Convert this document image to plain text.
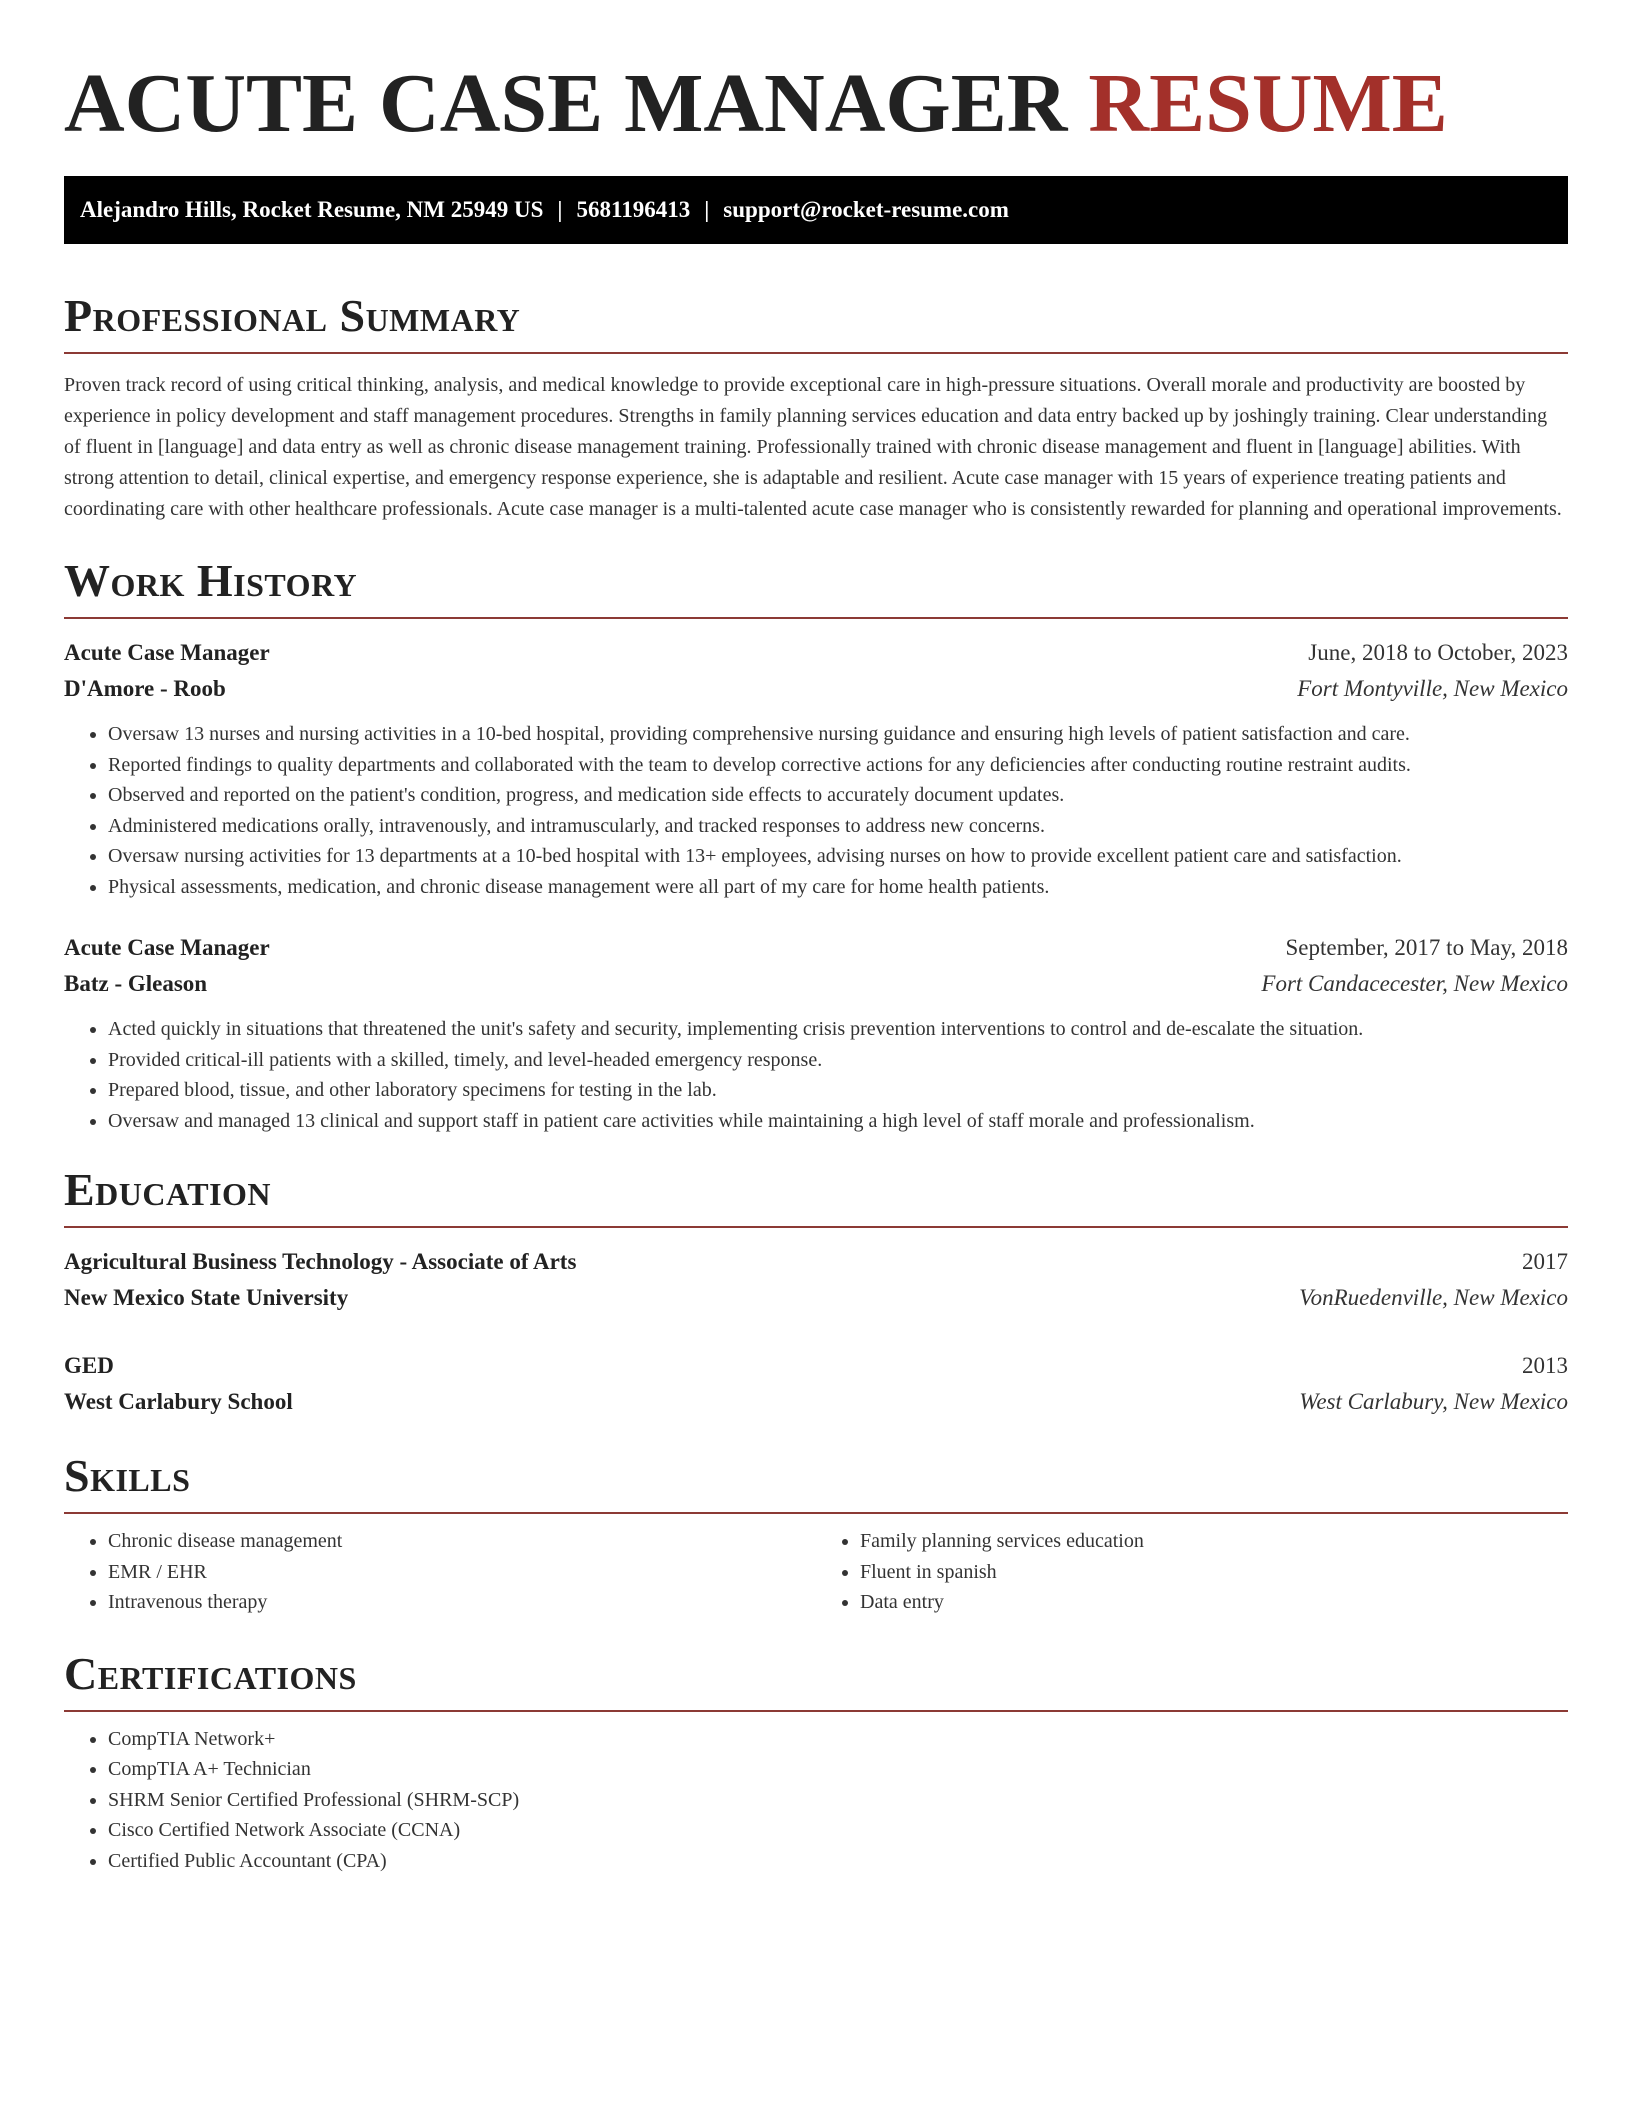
ACUTE CASE MANAGER RESUME
Alejandro Hills, Rocket Resume, NM 25949 US | 5681196413 | support@rocket-resume.com
Professional Summary

Proven track record of using critical thinking, analysis, and medical knowledge to provide exceptional care in high-pressure situations. Overall morale and productivity are boosted by experience in policy development and staff management procedures. Strengths in family planning services education and data entry backed up by joshingly training. Clear understanding of fluent in [language] and data entry as well as chronic disease management training. Professionally trained with chronic disease management and fluent in [language] abilities. With strong attention to detail, clinical expertise, and emergency response experience, she is adaptable and resilient. Acute case manager with 15 years of experience treating patients and coordinating care with other healthcare professionals. Acute case manager is a multi-talented acute case manager who is consistently rewarded for planning and operational improvements.

Work History
Acute Case Manager	June, 2018 to October, 2023
D'Amore - Roob	Fort Montyville, New Mexico
• Oversaw 13 nurses and nursing activities in a 10-bed hospital, providing comprehensive nursing guidance and ensuring high levels of patient satisfaction and care.
• Reported findings to quality departments and collaborated with the team to develop corrective actions for any deficiencies after conducting routine restraint audits.
• Observed and reported on the patient's condition, progress, and medication side effects to accurately document updates.
• Administered medications orally, intravenously, and intramuscularly, and tracked responses to address new concerns.
• Oversaw nursing activities for 13 departments at a 10-bed hospital with 13+ employees, advising nurses on how to provide excellent patient care and satisfaction.
• Physical assessments, medication, and chronic disease management were all part of my care for home health patients.
Acute Case Manager	September, 2017 to May, 2018
Batz - Gleason	Fort Candacecester, New Mexico
• Acted quickly in situations that threatened the unit's safety and security, implementing crisis prevention interventions to control and de-escalate the situation.
• Provided critical-ill patients with a skilled, timely, and level-headed emergency response.
• Prepared blood, tissue, and other laboratory specimens for testing in the lab.
• Oversaw and managed 13 clinical and support staff in patient care activities while maintaining a high level of staff morale and professionalism.
Education
Agricultural Business Technology - Associate of Arts	2017
New Mexico State University	VonRuedenville, New Mexico
GED	2013
West Carlabury School	West Carlabury, New Mexico
Skills
• Chronic disease management
• EMR / EHR
• Intravenous therapy
• Family planning services education
• Fluent in spanish
• Data entry
Certifications
• CompTIA Network+
• CompTIA A+ Technician
• SHRM Senior Certified Professional (SHRM-SCP)
• Cisco Certified Network Associate (CCNA)
• Certified Public Accountant (CPA)
